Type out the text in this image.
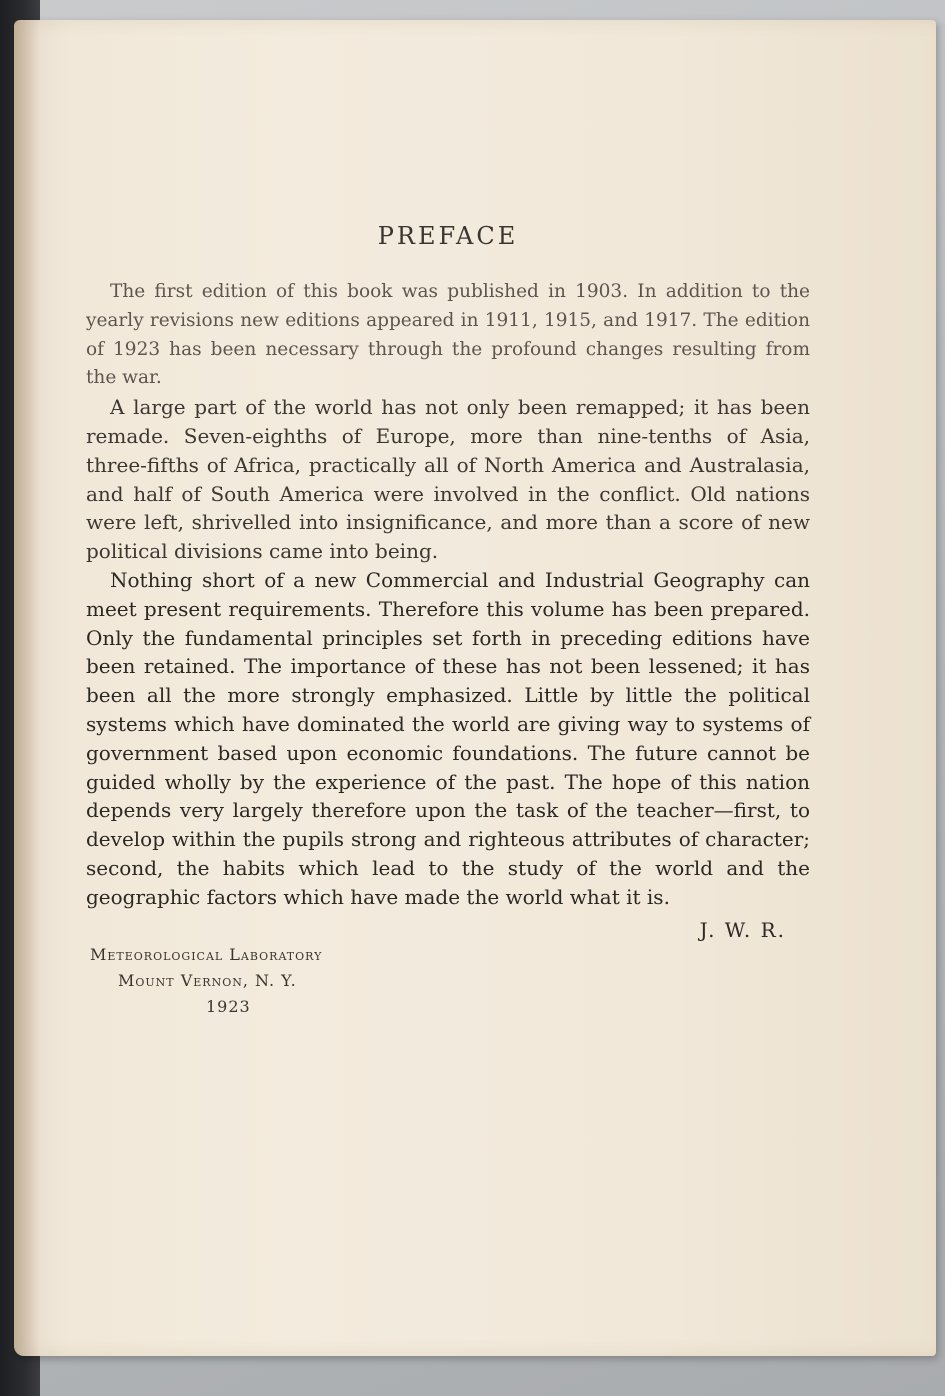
PREFACE

The first edition of this book was published in 1903. In addition to the yearly revisions new editions appeared in 1911, 1915, and 1917. The edition of 1923 has been necessary through the profound changes resulting from the war.

A large part of the world has not only been remapped; it has been remade. Seven-eighths of Europe, more than nine-tenths of Asia, three-fifths of Africa, practically all of North America and Australasia, and half of South America were involved in the conflict. Old nations were left, shrivelled into insignificance, and more than a score of new political divisions came into being.

Nothing short of a new Commercial and Industrial Geography can meet present requirements. Therefore this volume has been prepared. Only the fundamental principles set forth in preceding editions have been retained. The importance of these has not been lessened; it has been all the more strongly emphasized. Little by little the political systems which have dominated the world are giving way to systems of government based upon economic foundations. The future cannot be guided wholly by the experience of the past. The hope of this nation depends very largely therefore upon the task of the teacher—first, to develop within the pupils strong and righteous attributes of character; second, the habits which lead to the study of the world and the geographic factors which have made the world what it is.

J. W. R.
Meteorological Laboratory
Mount Vernon, N. Y.
1923
